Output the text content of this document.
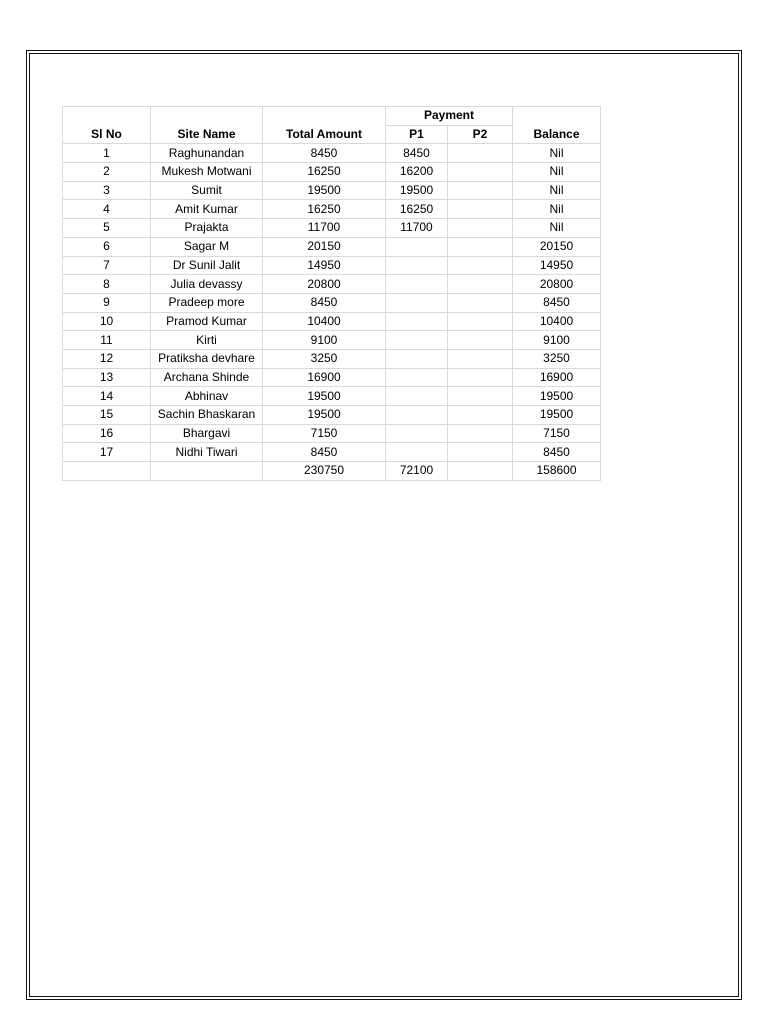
			Payment		
Sl No	Site Name	Total Amount	P1	P2	Balance
1	Raghunandan	8450	8450		Nil
2	Mukesh Motwani	16250	16200		Nil
3	Sumit	19500	19500		Nil
4	Amit Kumar	16250	16250		Nil
5	Prajakta	11700	11700		Nil
6	Sagar M	20150			20150
7	Dr Sunil Jalit	14950			14950
8	Julia devassy	20800			20800
9	Pradeep more	8450			8450
10	Pramod Kumar	10400			10400
11	Kirti	9100			9100
12	Pratiksha devhare	3250			3250
13	Archana Shinde	16900			16900
14	Abhinav	19500			19500
15	Sachin Bhaskaran	19500			19500
16	Bhargavi	7150			7150
17	Nidhi Tiwari	8450			8450
		230750	72100		158600
